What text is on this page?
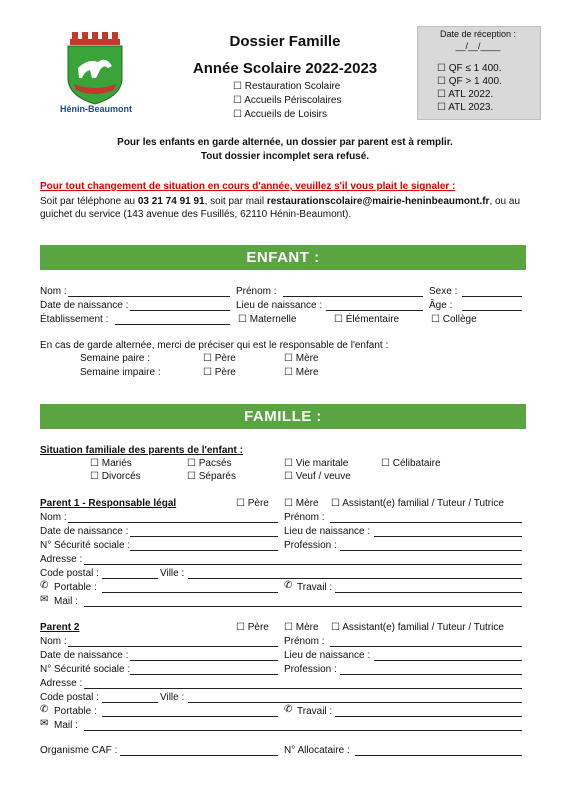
Hénin-Beaumont
Dossier Famille
Année Scolaire 2022-2023
☐ Restauration Scolaire
☐ Accueils Périscolaires
☐ Accueils de Loisirs
Date de réception :
__/__/____
☐ QF ≤ 1 400.
☐ QF > 1 400.
☐ ATL 2022.
☐ ATL 2023.
Pour les enfants en garde alternée, un dossier par parent est à remplir.
Tout dossier incomplet sera refusé.
Pour tout changement de situation en cours d'année, veuillez s'il vous plait le signaler :
Soit par téléphone au 03 21 74 91 91, soit par mail restaurationscolaire@mairie-heninbeaumont.fr, ou au guichet du service (143 avenue des Fusillés, 62110 Hénin-Beaumont).
ENFANT :
Nom :	Prénom :	Sexe :
Date de naissance :	Lieu de naissance :	Âge :
Établissement :	☐ Maternelle	☐ Élémentaire	☐ Collège
En cas de garde alternée, merci de préciser qui est le responsable de l'enfant :
Semaine paire :	☐ Père	☐ Mère
Semaine impaire :	☐ Père	☐ Mère
FAMILLE :
Situation familiale des parents de l'enfant :
☐ Mariés	☐ Pacsés	☐ Vie maritale	☐ Célibataire
☐ Divorcés	☐ Séparés	☐ Veuf / veuve
Parent 1 - Responsable légal	☐ Père	☐ Mère	☐ Assistant(e) familial / Tuteur / Tutrice
Nom :	Prénom :
Date de naissance :	Lieu de naissance :
N° Sécurité sociale :	Profession :
Adresse :
Code postal :	Ville :
✆ Portable :	✆ Travail :
✉ Mail :
Parent 2	☐ Père	☐ Mère	☐ Assistant(e) familial / Tuteur / Tutrice
Nom :	Prénom :
Date de naissance :	Lieu de naissance :
N° Sécurité sociale :	Profession :
Adresse :
Code postal :	Ville :
✆ Portable :	✆ Travail :
✉ Mail :
Organisme CAF :	N° Allocataire :
